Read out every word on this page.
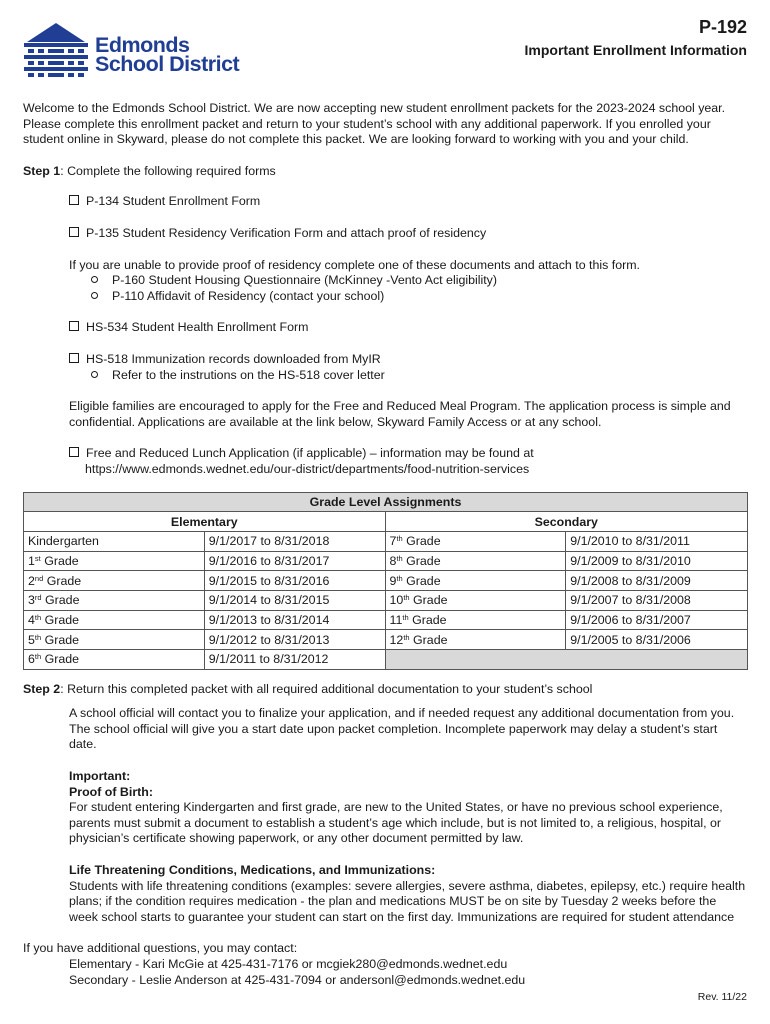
Edmonds
School District
P-192
Important Enrollment Information

Welcome to the Edmonds School District. We are now accepting new student enrollment packets for the 2023-2024 school year. Please complete this enrollment packet and return to your student’s school with any additional paperwork. If you enrolled your student online in Skyward, please do not complete this packet. We are looking forward to working with you and your child.

Step 1: Complete the following required forms

P-134 Student Enrollment Form

P-135 Student Residency Verification Form and attach proof of residency

If you are unable to provide proof of residency complete one of these documents and attach to this form.

P-160 Student Housing Questionnaire (McKinney -Vento Act eligibility)

P-110 Affidavit of Residency (contact your school)

HS-534 Student Health Enrollment Form

HS-518 Immunization records downloaded from MyIR

Refer to the instrutions on the HS-518 cover letter

Eligible families are encouraged to apply for the Free and Reduced Meal Program. The application process is simple and confidential. Applications are available at the link below, Skyward Family Access or at any school.

Free and Reduced Lunch Application (if applicable) – information may be found at

https://www.edmonds.wednet.edu/our-district/departments/food-nutrition-services

Grade Level Assignments			
Elementary		Secondary	
Kindergarten	9/1/2017 to 8/31/2018	7th Grade	9/1/2010 to 8/31/2011
1st Grade	9/1/2016 to 8/31/2017	8th Grade	9/1/2009 to 8/31/2010
2nd Grade	9/1/2015 to 8/31/2016	9th Grade	9/1/2008 to 8/31/2009
3rd Grade	9/1/2014 to 8/31/2015	10th Grade	9/1/2007 to 8/31/2008
4th Grade	9/1/2013 to 8/31/2014	11th Grade	9/1/2006 to 8/31/2007
5th Grade	9/1/2012 to 8/31/2013	12th Grade	9/1/2005 to 8/31/2006
6th Grade	9/1/2011 to 8/31/2012		

Step 2: Return this completed packet with all required additional documentation to your student’s school

A school official will contact you to finalize your application, and if needed request any additional documentation from you. The school official will give you a start date upon packet completion. Incomplete paperwork may delay a student’s start date.

Important:

Proof of Birth:

For student entering Kindergarten and first grade, are new to the United States, or have no previous school experience, parents must submit a document to establish a student’s age which include, but is not limited to, a religious, hospital, or physician’s certificate showing paperwork, or any other document permitted by law.

Life Threatening Conditions, Medications, and Immunizations:

Students with life threatening conditions (examples: severe allergies, severe asthma, diabetes, epilepsy, etc.) require health plans; if the condition requires medication - the plan and medications MUST be on site by Tuesday 2 weeks before the week school starts to guarantee your student can start on the first day. Immunizations are required for student attendance

If you have additional questions, you may contact:

Elementary - Kari McGie at 425-431-7176 or mcgiek280@edmonds.wednet.edu

Secondary - Leslie Anderson at 425-431-7094 or andersonl@edmonds.wednet.edu

Rev. 11/22
